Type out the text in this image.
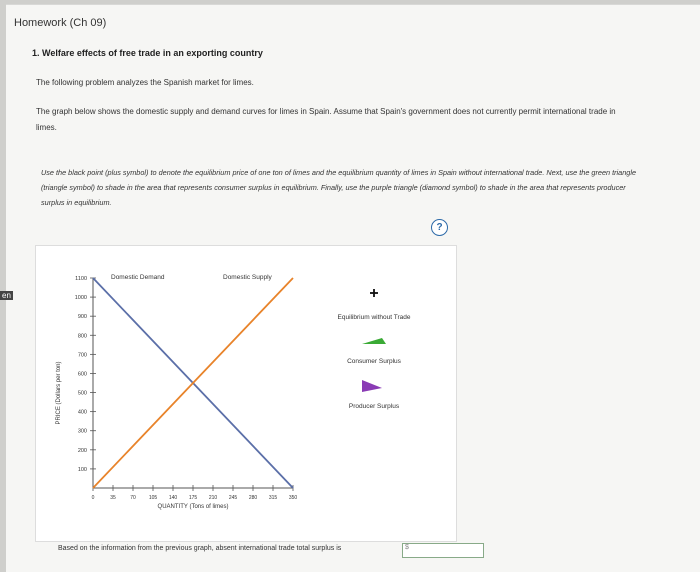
Homework (Ch 09)
1. Welfare effects of free trade in an exporting country
The following problem analyzes the Spanish market for limes.
The graph below shows the domestic supply and demand curves for limes in Spain. Assume that Spain's government does not currently permit international trade in limes.
Use the black point (plus symbol) to denote the equilibrium price of one ton of limes and the equilibrium quantity of limes in Spain without international trade. Next, use the green triangle (triangle symbol) to shade in the area that represents consumer surplus in equilibrium. Finally, use the purple triangle (diamond symbol) to shade in the area that represents producer surplus in equilibrium.
en
?
100
200
300
400
500
600
700
800
900
1000
1100
0	35	70	105 140 175 210 245 280 315 350
QUANTITY (Tons of limes)
PRICE (Dollars per ton)
Domestic Demand	Domestic Supply
Equilibrium without Trade
Consumer Surplus
Producer Surplus
Based on the information from the previous graph, absent international trade total surplus is	$
